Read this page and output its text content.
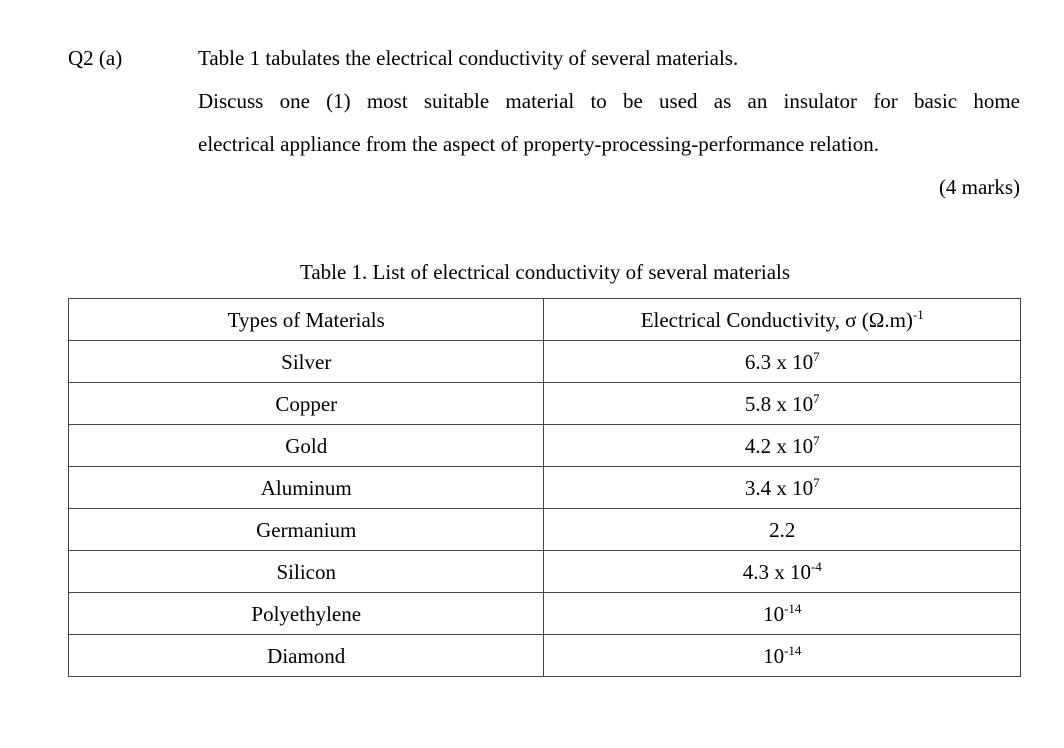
Q2 (a)	Table 1 tabulates the electrical conductivity of several materials.
Discuss one (1) most suitable material to be used as an insulator for basic home
electrical appliance from the aspect of property-processing-performance relation.
(4 marks)
Table 1. List of electrical conductivity of several materials
Types of Materials	Electrical Conductivity, σ $(\Omega.m)^{-1}$
Silver	6.3 x $10^7$
Copper	5.8 x $10^7$
Gold	4.2 x $10^7$
Aluminum	3.4 x $10^7$
Germanium	2.2
Silicon	4.3 x $10^{-4}$
Polyethylene	$10^{-14}$
Diamond	$10^{-14}$
